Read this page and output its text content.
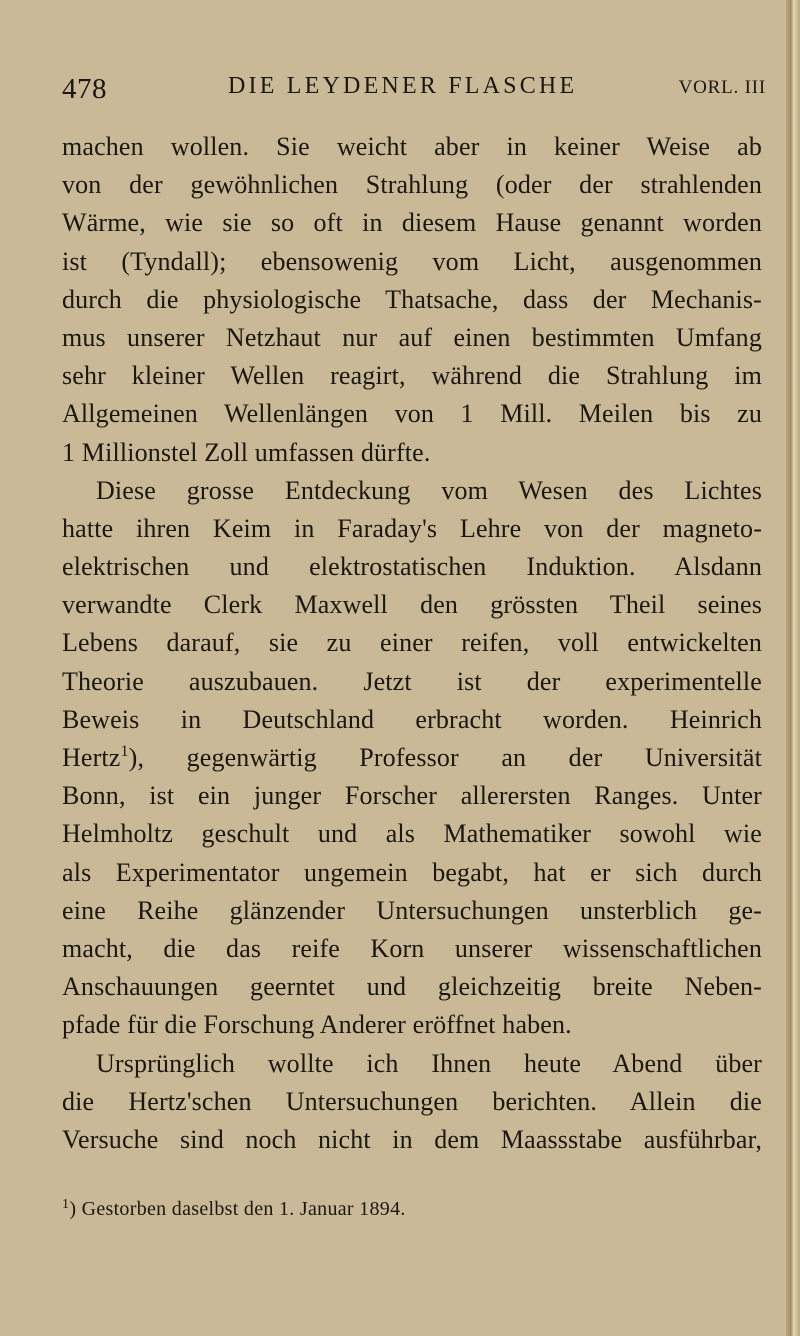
478	DIE LEYDENER FLASCHE	VORL. III
machen wollen. Sie weicht aber in keiner Weise ab
von der gewöhnlichen Strahlung (oder der strahlenden
Wärme, wie sie so oft in diesem Hause genannt worden
ist (Tyndall); ebensowenig vom Licht, ausgenommen
durch die physiologische Thatsache, dass der Mechanis-
mus unserer Netzhaut nur auf einen bestimmten Umfang
sehr kleiner Wellen reagirt, während die Strahlung im
Allgemeinen Wellenlängen von 1 Mill. Meilen bis zu
1 Millionstel Zoll umfassen dürfte.
Diese grosse Entdeckung vom Wesen des Lichtes
hatte ihren Keim in Faraday's Lehre von der magneto-
elektrischen und elektrostatischen Induktion. Alsdann
verwandte Clerk Maxwell den grössten Theil seines
Lebens darauf, sie zu einer reifen, voll entwickelten
Theorie auszubauen. Jetzt ist der experimentelle
Beweis in Deutschland erbracht worden. Heinrich
Hertz$^1$), gegenwärtig Professor an der Universität
Bonn, ist ein junger Forscher allerersten Ranges. Unter
Helmholtz geschult und als Mathematiker sowohl wie
als Experimentator ungemein begabt, hat er sich durch
eine Reihe glänzender Untersuchungen unsterblich ge-
macht, die das reife Korn unserer wissenschaftlichen
Anschauungen geerntet und gleichzeitig breite Neben-
pfade für die Forschung Anderer eröffnet haben.
Ursprünglich wollte ich Ihnen heute Abend über
die Hertz'schen Untersuchungen berichten. Allein die
Versuche sind noch nicht in dem Maassstabe ausführbar,
$^1$) Gestorben daselbst den 1. Januar 1894.
